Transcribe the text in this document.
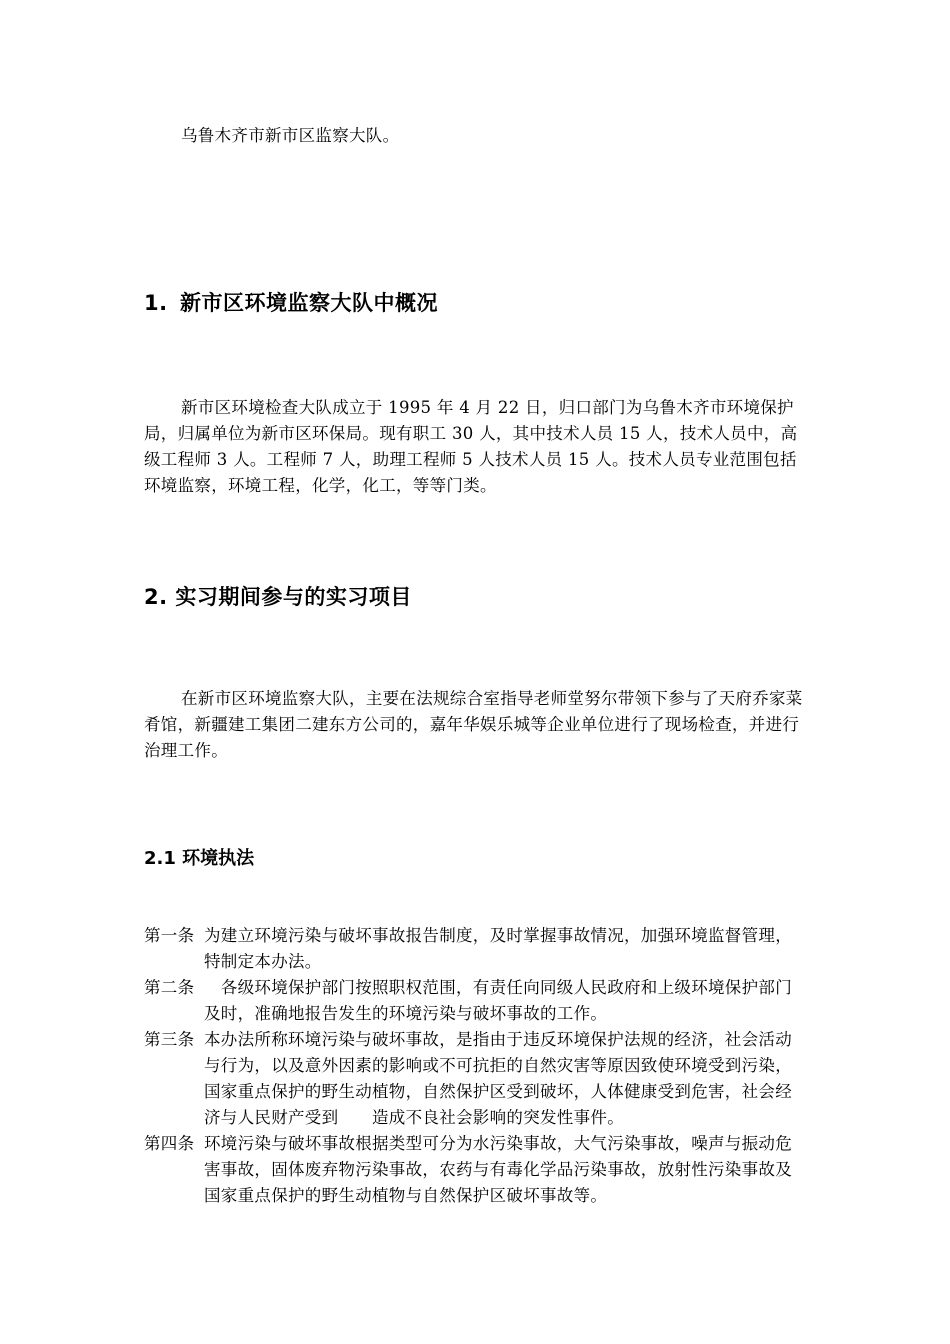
乌鲁木齐市新市区监察大队。

1. 新市区环境监察大队中概况

新市区环境检查大队成立于 1995 年 4 月 22 日，归口部门为乌鲁木齐市环境保护局，归属单位为新市区环保局。现有职工 30 人，其中技术人员 15 人，技术人员中，高级工程师 3 人。工程师 7 人，助理工程师 5 人技术人员 15 人。技术人员专业范围包括环境监察，环境工程，化学，化工，等等门类。

2. 实习期间参与的实习项目

在新市区环境监察大队，主要在法规综合室指导老师堂努尔带领下参与了天府乔家菜肴馆，新疆建工集团二建东方公司的，嘉年华娱乐城等企业单位进行了现场检查，并进行治理工作。

2.1 环境执法
第一条 为建立环境污染与破坏事故报告制度，及时掌握事故情况，加强环境监督管理，特制定本办法。
第二条 　各级环境保护部门按照职权范围，有责任向同级人民政府和上级环境保护部门及时，准确地报告发生的环境污染与破坏事故的工作。
第三条 本办法所称环境污染与破坏事故，是指由于违反环境保护法规的经济，社会活动与行为，以及意外因素的影响或不可抗拒的自然灾害等原因致使环境受到污染，国家重点保护的野生动植物，自然保护区受到破坏，人体健康受到危害，社会经济与人民财产受到　　造成不良社会影响的突发性事件。
第四条 环境污染与破坏事故根据类型可分为水污染事故，大气污染事故，噪声与振动危害事故，固体废弃物污染事故，农药与有毒化学品污染事故，放射性污染事故及国家重点保护的野生动植物与自然保护区破坏事故等。
